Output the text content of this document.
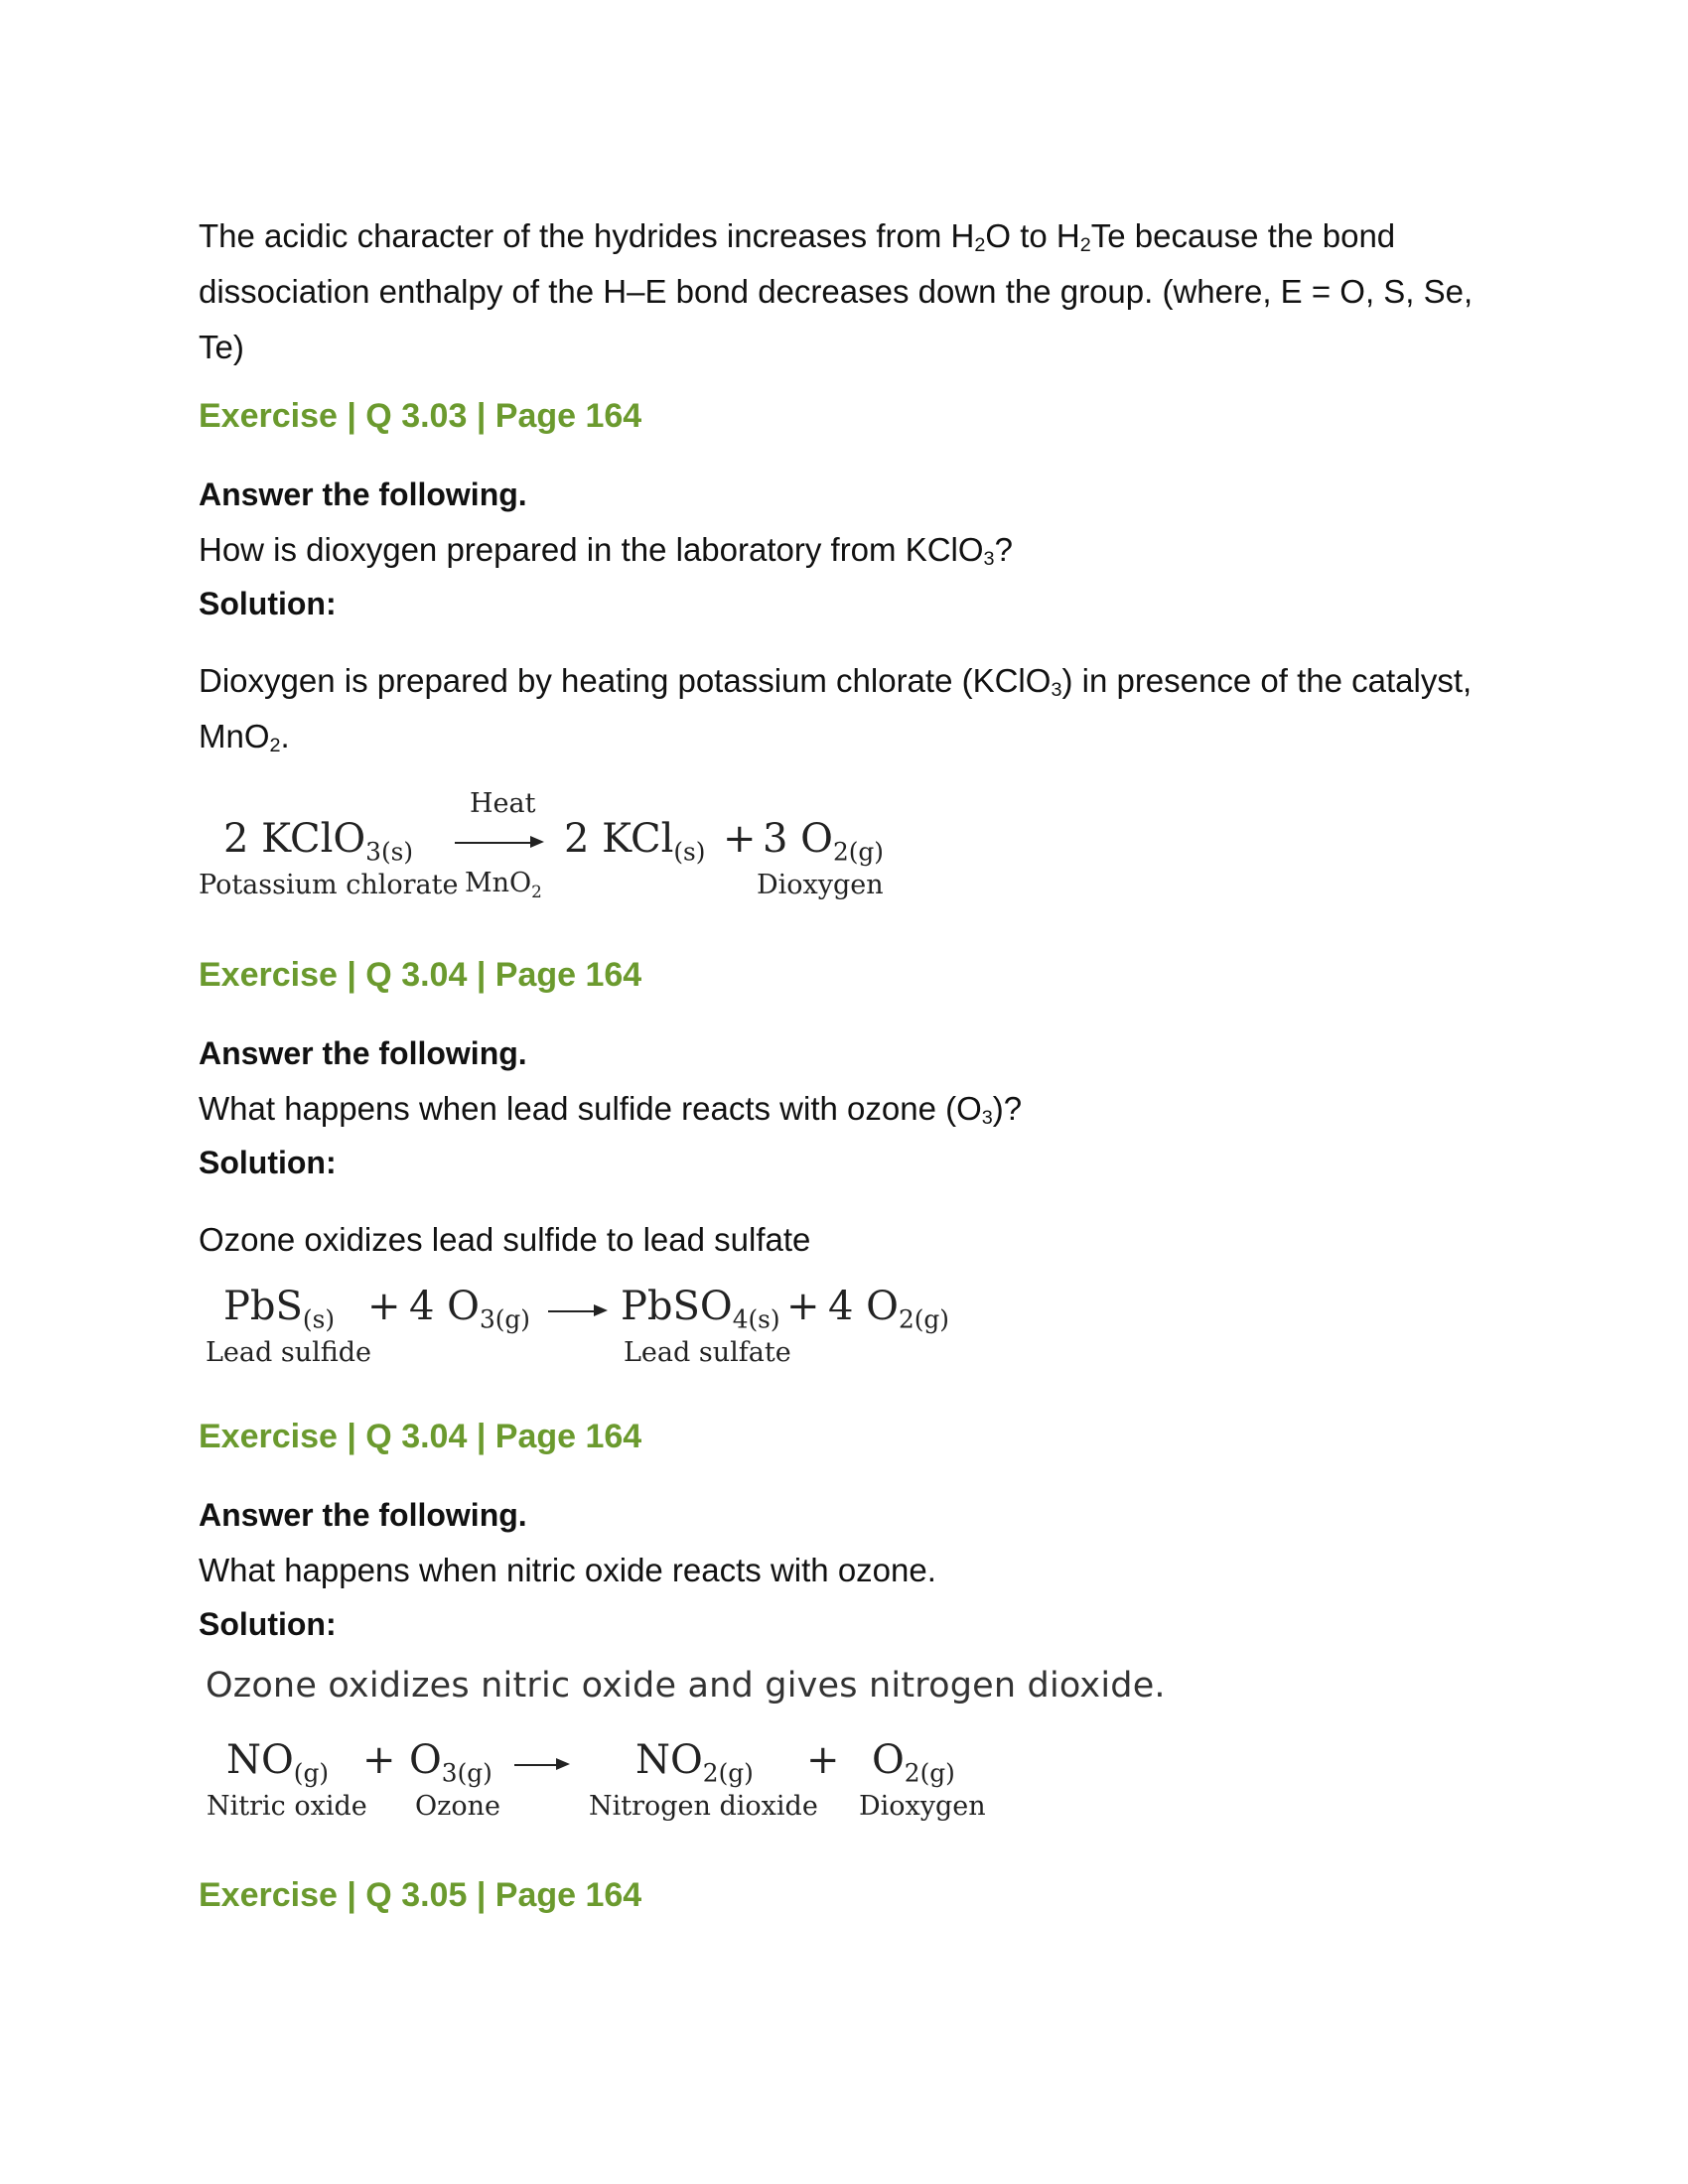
The acidic character of the hydrides increases from $H_2O$ to $H_2Te$ because the bond dissociation enthalpy of the H–E bond decreases down the group. (where, E = O, S, Se, Te)
Exercise | Q 3.03 | Page 164
Answer the following.
How is dioxygen prepared in the laboratory from KClO$_3$?
Solution:
Dioxygen is prepared by heating potassium chlorate (KClO$_3$) in presence of the catalyst, MnO$_2$.
2 KClO$_{3(s)}$
Heat
MnO$_2$
2 KCl$_{(s)}$ + 3 $O_{2(g)}$
Potassium chlorate	Dioxygen
Exercise | Q 3.04 | Page 164
Answer the following.
What happens when lead sulfide reacts with ozone $(O_3)$?
Solution:
Ozone oxidizes lead sulfide to lead sulfate
PbS$_{(s)}$ + 4 $O_{3(g)}$ PbSO$_{4(s)}$ + 4 $O_{2(g)}$
Lead sulfide	Lead sulfate
Exercise | Q 3.04 | Page 164
Answer the following.
What happens when nitric oxide reacts with ozone.
Solution:
Ozone oxidizes nitric oxide and gives nitrogen dioxide.
$NO_{(g)} + O_{3(g)}$	$NO_{2(g)} + O_{2(g)}$
Nitric oxide Ozone	Nitrogen dioxide Dioxygen
Exercise | Q 3.05 | Page 164
